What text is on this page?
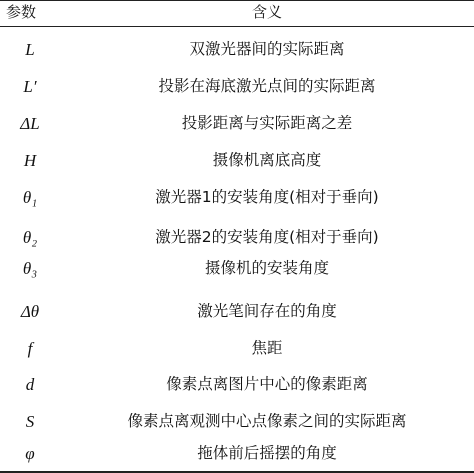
参数	含义
L	双激光器间的实际距离
L′	投影在海底激光点间的实际距离
ΔL	投影距离与实际距离之差
H	摄像机离底高度
θ₁	激光器1的安装角度(相对于垂向)
θ₂	激光器2的安装角度(相对于垂向)
θ₃	摄像机的安装角度
Δθ	激光笔间存在的角度
f	焦距
d	像素点离图片中心的像素距离
S	像素点离观测中心点像素之间的实际距离
φ	拖体前后摇摆的角度
